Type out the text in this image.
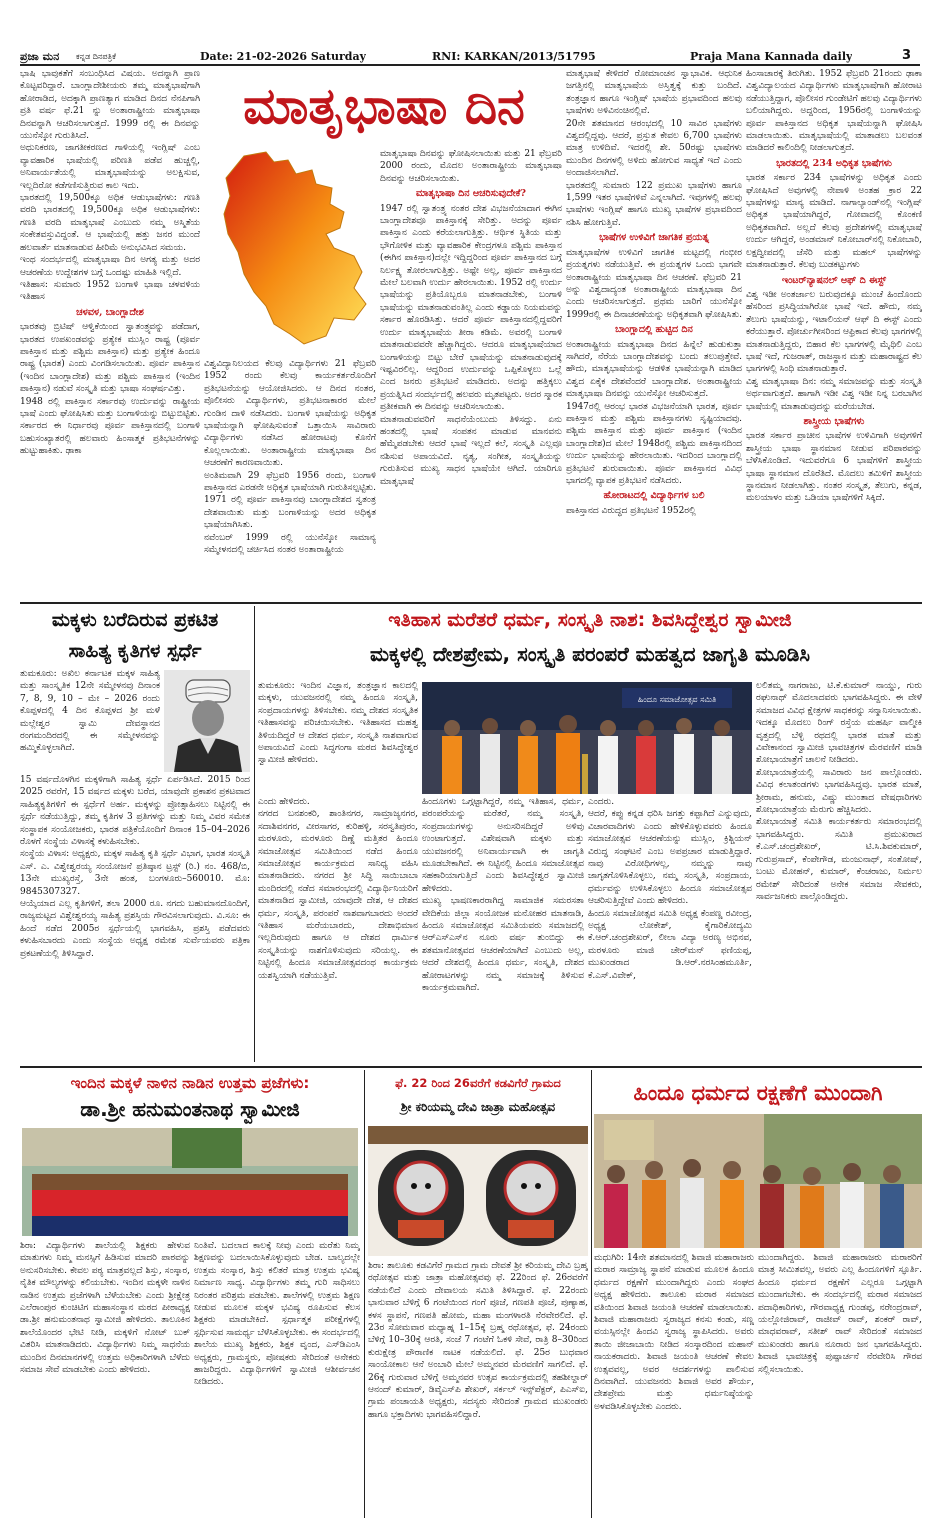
ಪ್ರಜಾ ಮನ ಕನ್ನಡ ದಿನಪತ್ರಿಕೆ	Date: 21-02-2026 Saturday	RNI: KARKAN/2013/51795	Praja Mana Kannada daily	3

ಭಾಷಿ ಭಾವುಕತೆಗೆ ಸಂಬಂಧಿಸಿದ ವಿಷಯ. ಅದನ್ನಾಗಿ ಪ್ರಾಣ ಕೊಟ್ಟವರಿದ್ದಾರೆ. ಬಾಂಗ್ಲಾದೇಶೀಯರು ತಮ್ಮ ಮಾತೃಭಾಷೆಗಾಗಿ ಹೋರಾಡಿದ, ಅದಕ್ಕಾಗಿ ಪ್ರಾಣತ್ಯಾಗ ಮಾಡಿದ ದಿನದ ನೆನಪಿಗಾಗಿ ಪ್ರತಿ ವರ್ಷ ಫೆ.21 ನ್ನು ಅಂತಾರಾಷ್ಟ್ರೀಯ ಮಾತೃಭಾಷಾ ದಿನವನ್ನಾಗಿ ಆಚರಿಸಲಾಗುತ್ತದೆ. 1999 ರಲ್ಲಿ ಈ ದಿನವನ್ನು ಯುನೆಸ್ಕೋ ಗುರುತಿಸಿದೆ.
ಅಧುನಿಕರಣ, ಜಾಗತೀಕರಣದ ಗಾಳಿಯಲ್ಲಿ ಇಂಗ್ಲಿಷ್ ಎಂಬ ವ್ಯಾವಹಾರಿಕ ಭಾಷೆಯಲ್ಲಿ ಪರಿಣತಿ ಪಡೆವ ಹುಚ್ಚಲ್ಲಿ, ಅನಿವಾರ್ಯತೆಯಲ್ಲಿ ಮಾತೃಭಾಷೆಯನ್ನು ಅಲಕ್ಷಿಸುವ, ಇಲ್ಲದಿರೋ ಕಡೆಗಣಿಸುತ್ತಿರುವ ಕಾಲ ಇದು.
ಭಾರತದಲ್ಲಿ 19,500ಕ್ಕೂ ಅಧಿಕ ಆಡುಭಾಷೆಗಳು: ಗಣತಿ ವರದಿ ಭಾರತದಲ್ಲಿ 19,500ಕ್ಕೂ ಅಧಿಕ ಆಡುಭಾಷೆಗಳು: ಗಣತಿ ವರದಿ ಮಾತೃಭಾಷೆ ಎಂಬುದು ನಮ್ಮ ಅಸ್ಮಿತೆಯ ಸಂಕೇತವಸ್ತುವಿದ್ದಂತೆ. ಆ ಭಾಷೆಯಲ್ಲಿ ಹತ್ತು ಜನರ ಮುಂದೆ ಹಲವಾರ್ತೆ ಮಾತನಾಡುವ ಹೀರಿಮೆ ಅನುಭವಿಸಿದ ಸಮಯ.
ಇಂಥ ಸಂದರ್ಭದಲ್ಲಿ ಮಾತೃಭಾಷಾ ದಿನ ಅಗತ್ಯ ಮತ್ತು ಅದರ ಆಚರಣೆಯ ಉದ್ದೇಶಗಳ ಬಗ್ಗೆ ಒಂದಷ್ಟು ಮಾಹಿತಿ ಇಲ್ಲಿದೆ.
ಇತಿಹಾಸ: ಸುಮಾರು 1952 ಬಂಗಾಳಿ ಭಾಷಾ ಚಳವಳಿಯ ಇತಿಹಾಸ

ಚಳವಳ, ಬಾಂಗ್ಲಾದೇಶ

ಭಾರತವು ಬ್ರಿಟಿಷ್ ಆಳ್ವಿಕೆಯಿಂದ ಸ್ವಾತಂತ್ರ್ಯವನ್ನು ಪಡೆದಾಗ, ಭಾರತದ ಉಪಖಂಡವನ್ನು ಪ್ರತ್ಯೇಕ ಮುಸ್ಲಿಂ ರಾಷ್ಟ್ರ (ಪೂರ್ವ ಪಾಕಿಸ್ತಾನ ಮತ್ತು ಪಶ್ಚಿಮ ಪಾಕಿಸ್ತಾನ) ಮತ್ತು ಪ್ರತ್ಯೇಕ ಹಿಂದೂ ರಾಷ್ಟ್ರ (ಭಾರತ) ಎಂದು ವಿಂಗಡಿಸಲಾಯಿತು. ಪೂರ್ವ ಪಾಕಿಸ್ತಾನ (ಇಂದಿನ ಬಾಂಗ್ಲಾದೇಶ) ಮತ್ತು ಪಶ್ಚಿಮ ಪಾಕಿಸ್ತಾನ (ಇಂದಿನ ಪಾಕಿಸ್ತಾನ) ನಡುವೆ ಸಂಸ್ಕೃತಿ ಮತ್ತು ಭಾಷಾ ಸಂಘರ್ಷವಿತ್ತು.
1948 ರಲ್ಲಿ ಪಾಕಿಸ್ತಾನ ಸರ್ಕಾರವು ಉರ್ದುವನ್ನು ರಾಷ್ಟ್ರೀಯ ಭಾಷೆ ಎಂದು ಘೋಷಿಸಿತು ಮತ್ತು ಬಂಗಾಳಿಯನ್ನು ಬಿಟ್ಟುಬಿಟ್ಟಿತು. ಸರ್ಕಾರದ ಈ ನಿರ್ಧಾರವು ಪೂರ್ವ ಪಾಕಿಸ್ತಾನದಲ್ಲಿ ಬಂಗಾಳಿ ಬಹುಸಂಖ್ಯಾತರಲ್ಲಿ ಹಲವಾರು ಹಿಂಸಾತ್ಮಕ ಪ್ರತಿಭಟನೆಗಳನ್ನು ಹುಟ್ಟುಹಾಕಿತು. ಢಾಕಾ

ಮಾತೃಭಾಷಾ ದಿನ

ವಿಶ್ವವಿದ್ಯಾನಿಲಯದ ಕೆಲವು ವಿದ್ಯಾರ್ಥಿಗಳು 21 ಫೆಬ್ರವರಿ 1952 ರಂದು ಕೆಲವು ಕಾರ್ಯಕರ್ತರೊಂದಿಗೆ ಪ್ರತಿಭಟನೆಯನ್ನು ಆಯೋಜಿಸಿದರು. ಆ ದಿನದ ನಂತರ, ಪೊಲೀಸರು ವಿದ್ಯಾರ್ಥಿಗಳು, ಪ್ರತಿಭಟನಾಕಾರರ ಮೇಲೆ ಗುಂಡಿನ ದಾಳಿ ನಡೆಸಿದರು. ಬಂಗಾಳಿ ಭಾಷೆಯನ್ನು ಅಧಿಕೃತ ಭಾಷೆಯನ್ನಾಗಿ ಘೋಷಿಸುವಂತೆ ಒತ್ತಾಯಿಸಿ ಸಾವಿರಾರು ವಿದ್ಯಾರ್ಥಿಗಳು ನಡೆಸಿದ ಹೋರಾಟವು ಕೊನೆಗೆ ಕೊಲ್ಲಲಾಯಿತು. ಅಂತಾರಾಷ್ಟ್ರೀಯ ಮಾತೃಭಾಷಾ ದಿನ ಆಚರಣೆಗೆ ಕಾರಣವಾಯಿತು.
ಅಂತಿಮವಾಗಿ 29 ಫೆಬ್ರವರಿ 1956 ರಂದು, ಬಂಗಾಳಿ ಪಾಕಿಸ್ತಾನದ ಎರಡನೇ ಅಧಿಕೃತ ಭಾಷೆಯಾಗಿ ಗುರುತಿಸಲ್ಪಟ್ಟಿತು. 1971 ರಲ್ಲಿ ಪೂರ್ವ ಪಾಕಿಸ್ತಾನವು ಬಾಂಗ್ಲಾದೇಶದ ಸ್ವತಂತ್ರ ದೇಶವಾಯಿತು ಮತ್ತು ಬಂಗಾಳಿಯನ್ನು ಅದರ ಅಧಿಕೃತ ಭಾಷೆಯಾಗಿಸಿತು.
ನವೆಂಬರ್ 1999 ರಲ್ಲಿ ಯುನೆಸ್ಕೋ ಸಾಮಾನ್ಯ ಸಮ್ಮೇಳನದಲ್ಲಿ ಚರ್ಚಿಸಿದ ನಂತರ ಅಂತಾರಾಷ್ಟ್ರೀಯ

ಮಾತೃಭಾಷಾ ದಿನವನ್ನು ಘೋಷಿಸಲಾಯಿತು ಮತ್ತು 21 ಫೆಬ್ರವರಿ 2000 ರಂದು, ಮೊದಲ ಅಂತಾರಾಷ್ಟ್ರೀಯ ಮಾತೃಭಾಷಾ ದಿನವನ್ನು ಆಚರಿಸಲಾಯಿತು.

ಮಾತೃಭಾಷಾ ದಿನ ಆಚರಿಸುವುದೇಕೆ?

1947 ರಲ್ಲಿ ಸ್ವಾತಂತ್ರ್ಯ ನಂತರ ದೇಶ ವಿಭಜನೆಯಾದಾಗ ಈಗಿನ ಬಾಂಗ್ಲಾದೇಶವೂ ಪಾಕಿಸ್ತಾನಕ್ಕೆ ಸೇರಿತ್ತು. ಅದನ್ನು ಪೂರ್ವ ಪಾಕಿಸ್ತಾನ ಎಂದು ಕರೆಯಲಾಗುತ್ತಿತ್ತು. ಆರ್ಥಿಕ ಸ್ಥಿತಿಯ ಮತ್ತು ಭೌಗೋಳಿಕ ಮತ್ತು ವ್ಯಾವಹಾರಿಕ ಕೇಂದ್ರಗಳೂ ಪಶ್ಚಿಮ ಪಾಕಿಸ್ತಾನ (ಈಗಿನ ಪಾಕಿಸ್ತಾನ)ದಲ್ಲೇ ಇದ್ದಿದ್ದರಿಂದ ಪೂರ್ವ ಪಾಕಿಸ್ತಾನದ ಬಗ್ಗೆ ನಿರ್ಲಕ್ಷ್ಯ ತೋರಲಾಗುತ್ತಿತ್ತು. ಅಷ್ಟೇ ಅಲ್ಲ, ಪೂರ್ವ ಪಾಕಿಸ್ತಾನದ ಮೇಲೆ ಬಲವಾಗಿ ಉರ್ದು ಹೇರಲಾಯಿತು. 1952 ರಲ್ಲಿ ಉರ್ದು ಭಾಷೆಯನ್ನು ಪ್ರತಿಯೊಬ್ಬರೂ ಮಾತನಾಡಬೇಕು, ಬಂಗಾಳಿ ಭಾಷೆಯನ್ನು ಮಾತನಾಡುವಂತಿಲ್ಲ ಎಂದು ಕಡ್ಡಾಯ ನಿಯಮವನ್ನು ಸರ್ಕಾರ ಹೊರಡಿಸಿತ್ತು. ಆದರೆ ಪೂರ್ವ ಪಾಕಿಸ್ತಾನದಲ್ಲಿದ್ದವರಿಗೆ ಉರ್ದು ಮಾತೃಭಾಷೆಯ ತೀರಾ ಕಡಿಮೆ. ಅವರಲ್ಲಿ ಬಂಗಾಳಿ ಮಾತನಾಡುವವರೇ ಹೆಚ್ಚಾಗಿದ್ದರು. ಆದರೂ ಮಾತೃಭಾಷೆಯಾದ ಬಂಗಾಳಿಯನ್ನು ಬಿಟ್ಟು ಬೇರೆ ಭಾಷೆಯನ್ನು ಮಾತನಾಡುವುದಕ್ಕೆ ಇಷ್ಟವಿರಲಿಲ್ಲ. ಆದ್ದರಿಂದ ಉರ್ದುವನ್ನು ಒಪ್ಪಿಕೊಳ್ಳಲು ಒಲ್ಲೆ ಎಂದ ಜನರು ಪ್ರತಿಭಟನೆ ಮಾಡಿದರು. ಅದನ್ನು ಹತ್ತಿಕ್ಕಲು ಪ್ರಯತ್ನಿಸಿದ ಸಂದರ್ಭದಲ್ಲಿ ಹಲವರು ಮೃತಪಟ್ಟರು. ಅದರ ಸ್ಮಾರಕ ಪ್ರತೀಕವಾಗಿ ಈ ದಿನವನ್ನು ಆಚರಿಸಲಾಯಿತು.
ಮಾತನಾಡುವವರಿಗೆ ಸಾಧನೆಯೆಂಬುದು ತಿಳಿಸದ್ದು. ಏನು ಹಂತದಲ್ಲಿ ಭಾಷೆ ಸಂಪತನ ಮಾಡುವ ಮಾನವನು ಹೆಮ್ಮೆಪಡಬೇಕು ಆದರೆ ಭಾಷೆ ಇಲ್ಲದೆ ಕಲೆ, ಸಂಸ್ಕೃತಿ ಎಲ್ಲವೂ ನಶಿಸುವ ಅಪಾಯವಿದೆ. ನೃತ್ಯ, ಸಂಗೀತ, ಸಂಸ್ಕೃತಿಯನ್ನು ಗುರುತಿಸುವ ಮುಖ್ಯ ಸಾಧನ ಭಾಷೆಯೇ ಆಗಿದೆ. ಯಾರಿಗೂ ಮಾತೃಭಾಷೆ

ಮಾತೃಭಾಷೆ ಕೇಳಿದರೆ ರೋಮಾಂಚನ ಸ್ವಾಭಾವಿಕ. ಆಧುನಿಕ ಜಗತ್ತಿನಲ್ಲಿ ಮಾತೃಭಾಷೆಯ ಅಸ್ತಿತ್ವಕ್ಕೆ ಕುತ್ತು ಬಂದಿದೆ. ತಂತ್ರಜ್ಞಾನ ಹಾಗೂ ಇಂಗ್ಲಿಷ್ ಭಾಷೆಯ ಪ್ರಭಾವದಿಂದ ಹಲವು ಭಾಷೆಗಳು ಅಳಿವಿನಂಚಿನಲ್ಲಿವೆ.
20ನೇ ಶತಮಾನದ ಆರಂಭದಲ್ಲಿ 10 ಸಾವಿರ ಭಾಷೆಗಳು ವಿಶ್ವದಲ್ಲಿದ್ದವು. ಆದರೆ, ಪ್ರಸ್ತುತ ಕೇವಲ 6,700 ಭಾಷೆಗಳು ಮಾತ್ರ ಉಳಿದಿವೆ. ಇದರಲ್ಲಿ ಶೇ. 50ರಷ್ಟು ಭಾಷೆಗಳು ಮುಂದಿನ ದಿನಗಳಲ್ಲಿ ಅಳಿದು ಹೋಗುವ ಸಾಧ್ಯತೆ ಇದೆ ಎಂದು ಅಂದಾಜಿಸಲಾಗಿದೆ.
ಭಾರತದಲ್ಲಿ ಸುಮಾರು 122 ಪ್ರಮುಖ ಭಾಷೆಗಳು ಹಾಗೂ 1,599 ಇತರ ಭಾಷೆಗಳಿವೆ ಎನ್ನಲಾಗಿದೆ. ಇವುಗಳಲ್ಲಿ ಹಲವು ಭಾಷೆಗಳು ಇಂಗ್ಲಿಷ್ ಹಾಗೂ ಮುಖ್ಯ ಭಾಷೆಗಳ ಪ್ರಭಾವದಿಂದ ನಶಿಸಿ ಹೋಗುತ್ತಿವೆ.

ಭಾಷೆಗಳ ಉಳಿವಿಗೆ ಜಾಗತಿಕ ಪ್ರಯತ್ನ

ಮಾತೃಭಾಷೆಗಳ ಉಳಿವಿಗೆ ಜಾಗತಿಕ ಮಟ್ಟದಲ್ಲಿ ಗಂಭೀರ ಪ್ರಯತ್ನಗಳು ನಡೆಯುತ್ತಿವೆ. ಈ ಪ್ರಯತ್ನಗಳ ಒಂದು ಭಾಗವೇ ಅಂತಾರಾಷ್ಟ್ರೀಯ ಮಾತೃಭಾಷಾ ದಿನ ಆಚರಣೆ. ಫೆಬ್ರವರಿ 21 ಅನ್ನು ವಿಶ್ವದಾದ್ಯಂತ ಅಂತಾರಾಷ್ಟ್ರೀಯ ಮಾತೃಭಾಷಾ ದಿನ ಎಂದು ಆಚರಿಸಲಾಗುತ್ತದೆ. ಪ್ರಥಮ ಬಾರಿಗೆ ಯುನೆಸ್ಕೋ 1999ರಲ್ಲಿ ಈ ದಿನಾಚರಣೆಯನ್ನು ಅಧಿಕೃತವಾಗಿ ಘೋಷಿಸಿತು.

ಬಾಂಗ್ಲಾದಲ್ಲಿ ಹುಟ್ಟಿದ ದಿನ

ಅಂತಾರಾಷ್ಟ್ರೀಯ ಮಾತೃಭಾಷಾ ದಿನದ ಹಿನ್ನೆಲೆ ಹುಡುಕುತ್ತಾ ಸಾಗಿದರೆ, ನೆರೆಯ ಬಾಂಗ್ಲಾದೇಶವನ್ನು ಬಂದು ತಲುಪುತ್ತೇವೆ. ಹೌದು, ಮಾತೃಭಾಷೆಯನ್ನು ಆಡಳಿತ ಭಾಷೆಯನ್ನಾಗಿ ಮಾಡಿದ ವಿಶ್ವದ ಏಕೈಕ ದೇಶವೆಂದರೆ ಬಾಂಗ್ಲಾದೇಶ. ಅಂತಾರಾಷ್ಟ್ರೀಯ ಮಾತೃಭಾಷಾ ದಿನವನ್ನು ಯುನೆಸ್ಕೋ ಆಚರಿಸುತ್ತದೆ.
1947ರಲ್ಲಿ ಆರಂಭ ಭಾರತ ವಿಭಜನೆಯಾಗಿ ಭಾರತ, ಪೂರ್ವ ಪಾಕಿಸ್ತಾನ ಮತ್ತು ಪಶ್ಚಿಮ ಪಾಕಿಸ್ತಾನಗಳು ಸೃಷ್ಟಿಯಾದವು. ಪಶ್ಚಿಮ ಪಾಕಿಸ್ತಾನ ಮತ್ತು ಪೂರ್ವ ಪಾಕಿಸ್ತಾನ (ಇಂದಿನ ಬಾಂಗ್ಲಾದೇಶ)ದ ಮೇಲೆ 1948ರಲ್ಲಿ ಪಶ್ಚಿಮ ಪಾಕಿಸ್ತಾನದಿಂದ ಉರ್ದು ಭಾಷೆಯನ್ನು ಹೇರಲಾಯಿತು. ಇದರಿಂದ ಬಾಂಗ್ಲಾದಲ್ಲಿ ಪ್ರತಿಭಟನೆ ಶುರುವಾಯಿತು. ಪೂರ್ವ ಪಾಕಿಸ್ತಾನದ ವಿವಿಧ ಭಾಗದಲ್ಲಿ ವ್ಯಾಪಕ ಪ್ರತಿಭಟನೆ ನಡೆಸಿದರು.

ಹೋರಾಟದಲ್ಲಿ ವಿದ್ಯಾರ್ಥಿಗಳ ಬಲಿ

ಪಾಕಿಸ್ತಾನದ ವಿರುದ್ಧದ ಪ್ರತಿಭಟನೆ 1952ರಲ್ಲಿ

ಹಿಂಸಾಚಾರಕ್ಕೆ ತಿರುಗಿತು. 1952 ಫೆಬ್ರವರಿ 21ರಂದು ಢಾಕಾ ವಿಶ್ವವಿದ್ಯಾಲಯದ ವಿದ್ಯಾರ್ಥಿಗಳು ಮಾತೃಭಾಷೆಗಾಗಿ ಹೋರಾಟ ನಡೆಯುತ್ತಿದ್ದಾಗ, ಪೊಲೀಸರ ಗುಂಡೇಟಿಗೆ ಹಲವು ವಿದ್ಯಾರ್ಥಿಗಳು ಬಲಿಯಾಗಿದ್ದರು. ಅದ್ದರಿಂದ, 1956ರಲ್ಲಿ ಬಂಗಾಳಿಯನ್ನು ಪೂರ್ವ ಪಾಕಿಸ್ತಾನದ ಅಧಿಕೃತ ಭಾಷೆಯನ್ನಾಗಿ ಘೋಷಿಸಿ ಮಾಡಲಾಯಿತು. ಮಾತೃಭಾಷೆಯಲ್ಲಿ ಮಾತಾಡಲು ಬಲವಂತ ಮಾಡಿದರೆ ಕಾಲಿಂದಿಲ್ಲಿ ನೀಡಲಾಗುತ್ತದೆ.

ಭಾರತದಲ್ಲಿ 234 ಅಧಿಕೃತ ಭಾಷೆಗಳು

ಭಾರತ ಸರ್ಕಾರ 234 ಭಾಷೆಗಳನ್ನು ಅಧಿಕೃತ ಎಂದು ಘೋಷಿಸಿದೆ ಅವುಗಳಲ್ಲಿ ನೇಪಾಳಿ ಅಂತಹ ಕ್ರಾರ 22 ಭಾಷೆಗಳನ್ನು ಮಾನ್ಯ ಮಾಡಿದೆ. ನಾಗಾಲ್ಯಾಂಡ್‌ನಲ್ಲಿ ಇಂಗ್ಲಿಷ್ ಅಧಿಕೃತ ಭಾಷೆಯಾಗಿದ್ದರೆ, ಗೋವಾದಲ್ಲಿ ಕೊಂಕಣಿ ಅಧಿಕೃತವಾಗಿದೆ. ಅಲ್ಲದೆ ಕೆಲವು ಪ್ರದೇಶಗಳಲ್ಲಿ ಮಾತೃಭಾಷೆ ಉರ್ದು ಆಗಿದ್ದರೆ, ಅಂಡಮಾನ್ ನಿಕೋಬಾರ್‌ನಲ್ಲಿ ನಿಕೋಬಾರಿ, ಲಕ್ಷದ್ವೀಪದಲ್ಲಿ ಜೆಸೆರಿ ಮತ್ತು ಮಹಲ್ ಭಾಷೆಗಳನ್ನು ಮಾತನಾಡುತ್ತಾರೆ. ಕೆಲವು ಬುಡಕಟ್ಟುಗಳು

ಇಂಟರ್‌ನ್ಯಾಷನಲ್ ಆಫ್ ದಿ ಈಸ್ಟ್

ವಿಶ್ವ ಇಡೀ ಅಂತರ್ಜಾಲ ಬರುವುದಕ್ಕೂ ಮುಂಚೆ ಹಿಂದೊಂದು ಹೆಸರಿಂದ ಪ್ರಸಿದ್ಧಿಯಾಗಿರೋ ಭಾಷೆ ಇದೆ. ಹೌದು, ನಮ್ಮ ತೆಲುಗು ಭಾಷೆಯನ್ನು, ಇಟಾಲಿಯನ್ ಆಫ್ ದಿ ಈಸ್ಟ್ ಎಂದು ಕರೆಯುತ್ತಾರೆ. ಪೋರ್ಚುಗೀಸರಿಂದ ಆಫ್ರಿಕಾದ ಕೆಲವು ಭಾಗಗಳಲ್ಲಿ ಮಾತನಾಡುತ್ತಿದ್ದರು, ಬಿಹಾರ ಕೆಲ ಭಾಗಗಳಲ್ಲಿ ಮೈಥಿಲಿ ಎಂಬ ಭಾಷೆ ಇದೆ, ಗುಜರಾತ್, ರಾಜಸ್ಥಾನ ಮತ್ತು ಮಹಾರಾಷ್ಟ್ರದ ಕೆಲ ಭಾಗಗಳಲ್ಲಿ ಸಿಂಧಿ ಮಾತನಾಡುತ್ತಾರೆ.
ವಿಶ್ವ ಮಾತೃಭಾಷಾ ದಿನ: ನಮ್ಮ ಸಮಾಜವನ್ನು ಮತ್ತು ಸಂಸ್ಕೃತಿ ಅರ್ಥವಾಗುತ್ತದೆ. ಹಾಗಾಗಿ ಇಡೀ ವಿಶ್ವ ಇಡೀ ನಿನ್ನ ಬರಬಾಗಿನ ಭಾಷೆಯಲ್ಲಿ ಮಾತಾಡುವುದನ್ನು ಮರೆಯಬೇಡ.

ಶಾಸ್ತ್ರೀಯ ಭಾಷೆಗಳು

ಭಾರತ ಸರ್ಕಾರ ಪ್ರಾಚೀನ ಭಾಷೆಗಳ ಉಳಿವಿಗಾಗಿ ಅವುಗಳಿಗೆ ಶಾಸ್ತ್ರೀಯ ಭಾಷಾ ಸ್ಥಾನಮಾನ ನೀಡುವ ಪರಿಪಾಠವನ್ನು ಬೆಳೆಸಿಕೊಂಡಿದೆ. ಇದುವರೆಗೂ 6 ಭಾಷೆಗಳಿಗೆ ಶಾಸ್ತ್ರೀಯ ಭಾಷಾ ಸ್ಥಾನಮಾನ ದೊರೆತಿದೆ. ಮೊದಲು ತಮಿಳಿಗೆ ಶಾಸ್ತ್ರೀಯ ಸ್ಥಾನಮಾನ ನೀಡಲಾಗಿತ್ತು. ನಂತರ ಸಂಸ್ಕೃತ, ತೆಲುಗು, ಕನ್ನಡ, ಮಲಯಾಳಂ ಮತ್ತು ಒಡಿಯಾ ಭಾಷೆಗಳಿಗೆ ಸಿಕ್ಕಿದೆ.

ಮಕ್ಕಳು ಬರೆದಿರುವ ಪ್ರಕಟಿತ
ಸಾಹಿತ್ಯ ಕೃತಿಗಳ ಸ್ಪರ್ಧೆ

ತುಮಕೂರು: ಅಖಿಲ ಕರ್ನಾಟಕ ಮಕ್ಕಳ ಸಾಹಿತ್ಯ ಮತ್ತು ಸಾಂಸ್ಕೃತಿಕ 12ನೇ ಸಮ್ಮೇಳನವು ದಿನಾಂಕ 7, 8, 9, 10 – ಮೇ – 2026 ರಂದು ಕೊಪ್ಪಳದಲ್ಲಿ 4 ದಿನ ಕೊಪ್ಪಳದ ಶ್ರೀ ಮಳೆ ಮಲ್ಲೇಶ್ವರ ಸ್ವಾಮಿ ದೇವಸ್ಥಾನದ ರಂಗಮಂದಿರದಲ್ಲಿ ಈ ಸಮ್ಮೇಳನವನ್ನು ಹಮ್ಮಿಕೊಳ್ಳಲಾಗಿದೆ.

15 ವರ್ಷದೊಳಗಿನ ಮಕ್ಕಳಿಗಾಗಿ ಸಾಹಿತ್ಯ ಸ್ಪರ್ಧೆ ಏರ್ಪಡಿಸಿದೆ. 2015 ರಿಂದ 2025 ರವರೆಗೆ, 15 ವರ್ಷದ ಮಕ್ಕಳು ಬರೆದ, ಯಾವುದೇ ಪ್ರಕಾಶನ ಪ್ರಕಟವಾದ ಸಾಹಿತ್ಯಕೃತಿಗಳಿಗೆ ಈ ಸ್ಪರ್ಧೆಗೆ ಅರ್ಹ. ಮಕ್ಕಳನ್ನು ಪ್ರೋತ್ಸಾಹಿಸಲು ನಿಟ್ಟಿನಲ್ಲಿ ಈ ಸ್ಪರ್ಧೆ ನಡೆಯುತ್ತಿದ್ದು, ತಮ್ಮ ಕೃತಿಗಳ 3 ಪ್ರತಿಗಳನ್ನು ಮತ್ತು ನಿಮ್ಮ ವಿವರ ಸಮೇತ ಸಂಸ್ಥಾಪಕ ಸಂಯೋಜಕರು, ಭಾರತ ಪತ್ರಿಕೆಯೊಂದಿಗೆ ದಿನಾಂಕ 15–04–2026 ರೊಳಗೆ ಸಂಸ್ಥೆಯ ವಿಳಾಸಕ್ಕೆ ಕಳುಹಿಸಬೇಕು.
ಸಂಸ್ಥೆಯ ವಿಳಾಸ: ಅಧ್ಯಕ್ಷರು, ಮಕ್ಕಳ ಸಾಹಿತ್ಯ ಕೃತಿ ಸ್ಪರ್ಧೆ ವಿಭಾಗ, ಭಾರತ ಸಂಸ್ಕೃತಿ ಎಸ್. ಎ. ವಿಶ್ವೇಶ್ವರಯ್ಯ ಸಂಯೋಜನೆ ಪ್ರತಿಷ್ಠಾನ ಟ್ರಸ್ಟ್ (ರಿ.) ನಂ. 468/ಬಿ, 13ನೇ ಮುಖ್ಯರಸ್ತೆ, 3ನೇ ಹಂತ, ಬಂಗಳೂರು–560010. ಮೊ: 9845307327.
ಆಯ್ಕೆಯಾದ ಎಲ್ಲ ಕೃತಿಗಳಿಗೆ, ತಲಾ 2000 ರೂ. ನಗದು ಬಹುಮಾನದೊಂದಿಗೆ, ರಾಜ್ಯಮಟ್ಟದ ವಿಶ್ವೇಶ್ವರಯ್ಯ ಸಾಹಿತ್ಯ ಪ್ರಶಸ್ತಿಯ ಗೌರವಿಸಲಾಗುವುದು. ವಿ.ಸೂ: ಈ ಹಿಂದೆ ನಡೆದ 2005ರ ಸ್ಪರ್ಧೆಯಲ್ಲಿ ಭಾಗವಹಿಸಿ, ಪ್ರಶಸ್ತಿ ಪಡೆದವರು ಕಳುಹಿಸಬಾರದು ಎಂದು ಸಂಸ್ಥೆಯ ಅಧ್ಯಕ್ಷ ರಮೇಶ ಸುರ್ವೆಯವರು ಪತ್ರಿಕಾ ಪ್ರಕಟಣೆಯಲ್ಲಿ ತಿಳಿಸಿದ್ದಾರೆ.

ಇತಿಹಾಸ ಮರೆತರೆ ಧರ್ಮ, ಸಂಸ್ಕೃತಿ ನಾಶ: ಶಿವಸಿದ್ಧೇಶ್ವರ ಸ್ವಾಮೀಜಿ
ಮಕ್ಕಳಲ್ಲಿ ದೇಶಪ್ರೇಮ, ಸಂಸ್ಕೃತಿ ಪರಂಪರೆ ಮಹತ್ವದ ಜಾಗೃತಿ ಮೂಡಿಸಿ

ತುಮಕೂರು: ಇಂದಿನ ವಿಜ್ಞಾನ, ತಂತ್ರಜ್ಞಾನ ಕಾಲದಲ್ಲಿ ಮಕ್ಕಳು, ಯುವಜನರಲ್ಲಿ ನಮ್ಮ ಹಿಂದೂ ಸಂಸ್ಕೃತಿ, ಸಂಪ್ರದಾಯಗಳನ್ನು ತಿಳಿಸಬೇಕು. ನಮ್ಮ ದೇಶದ ಸಂಸ್ಕೃತಿಕ ಇತಿಹಾಸವನ್ನು ಪರಿಚಯಿಸಬೇಕು. ಇತಿಹಾಸದ ಮಹತ್ವ ತಿಳಿಯದಿದ್ದರೆ ಆ ದೇಶದ ಧರ್ಮ, ಸಂಸ್ಕೃತಿ ನಾಶವಾಗುವ ಅಪಾಯವಿದೆ ಎಂದು ಸಿದ್ಧಗಂಗಾ ಮಠದ ಶಿವಸಿದ್ಧೇಶ್ವರ ಸ್ವಾಮೀಜಿ ಹೇಳಿದರು.

ಹಿಂದೂ ಸಮಾಜೋತ್ಸವ ಸಮಿತಿ

ಲಲಿತಮ್ಮ ನಾಗರಾಜು, ಟಿ.ಕೆ.ಕುಮಾರ್ ನಾಯ್ಡು, ಗುರು ರಘುನಾಥ್ ಮೊದಲಾದವರು ಭಾಗವಹಿಸಿದ್ದರು. ಈ ವೇಳೆ ಸಮಾಜದ ವಿವಿಧ ಕ್ಷೇತ್ರಗಳ ಸಾಧಕರನ್ನು ಸನ್ಮಾನಿಸಲಾಯಿತು.
ಇದಕ್ಕೂ ಮೊದಲು ರಿಂಗ್ ರಸ್ತೆಯ ಮಹರ್ಷಿ ವಾಲ್ಮೀಕಿ ವೃತ್ತದಲ್ಲಿ ಬೆಳ್ಳಿ ರಥದಲ್ಲಿ ಭಾರತ ಮಾತೆ ಮತ್ತು ವಿವೇಕಾನಂದ ಸ್ವಾಮೀಜಿ ಭಾವಚಿತ್ರಗಳ ಮೆರವಣಿಗೆ ಮಾಡಿ ಶೋಭಾಯಾತ್ರೆಗೆ ಚಾಲನೆ ನೀಡಿದರು.
ಶೋಭಾಯಾತ್ರೆಯಲ್ಲಿ ಸಾವಿರಾರು ಜನ ಪಾಲ್ಗೊಂಡರು. ವಿವಿಧ ಕಲಾತಂಡಗಳು ಭಾಗವಹಿಸಿದ್ದವು. ಭಾರತ ಮಾತೆ, ಶ್ರೀರಾಮ, ಹನುಮ, ವಿಷ್ಣು ಮುಂತಾದ ವೇಷಧಾರಿಗಳು ಶೋಭಾಯಾತ್ರೆಯ ಮೆರುಗು ಹೆಚ್ಚಿಸಿದರು.
ಶೋಭಾಯಾತ್ರೆ ಸಮಿತಿ ಕಾರ್ಯಕರ್ತರು ಸಮಾರಂಭದಲ್ಲಿ ಭಾಗವಹಿಸಿದ್ದರು. ಸಮಿತಿ ಪ್ರಮುಖರಾದ ಕೆ.ಎಸ್.ಚಂದ್ರಶೇಖರ್, ಟಿ.ಸಿ.ಶಿವಕುಮಾರ್, ಗುರುಪ್ರಸಾದ್, ಕೆಂಪೇಗೌಡ, ಮಂಜುನಾಥ್, ಸಂತೋಷ್, ಬಂಟು ಮೋಹನ್, ಕುಮಾರ್, ಕೆಂಚರಾಜು, ನಿರ್ಮಲ ರಮೇಶ್ ಸೇರಿದಂತೆ ಅನೇಕ ಸಮಾಜ ಸೇವಕರು, ಸಾರ್ವಜನಿಕರು ಪಾಲ್ಗೊಂಡಿದ್ದರು.

ಎಂದು ಹೇಳಿದರು.

ನಗರದ ಬನಶಂಕರಿ, ಶಾಂತಿನಗರ, ಸಾಮ್ರಾಜ್ಯನಗರ, ಸದಾಶಿವನಗರ, ವೀರಸಾಗರ, ಕುರಿಹಳ್ಳಿ, ಸರಸ್ವತಿಪುರಂ, ಮರಳೂರು, ಮರಳೂರು ದಿಣ್ಣೆ ಮತ್ತಿತರ ಹಿಂದೂ ಸಮಾಜೋತ್ಸವ ಸಮಿತಿಯಿಂದ ನಡೆದ ಹಿಂದೂ ಸಮಾಜೋತ್ಸವ ಕಾರ್ಯಕ್ರಮದ ಸಾನಿಧ್ಯ ವಹಿಸಿ ಮಾತನಾಡಿದರು. ನಗರದ ಶ್ರೀ ಸಿದ್ಧಿ ಸಾಯಿಬಾಬಾ ಮಂದಿರದಲ್ಲಿ ನಡೆದ ಸಮಾರಂಭದಲ್ಲಿ ವಿದ್ಯಾರ್ಥಿನಿಯರಿಗೆ ಮಾತನಾಡಿದ ಸ್ವಾಮೀಜಿ, ಯಾವುದೇ ದೇಶ, ಆ ದೇಶದ ಧರ್ಮ, ಸಂಸ್ಕೃತಿ, ಪರಂಪರೆ ನಾಶವಾಗಬಾರದು ಅಂದರೆ ಇತಿಹಾಸ ಮರೆಯಬಾರದು, ದೇಶಾಭಿಮಾನ ಇಲ್ಲದಿರುವುದು ಹಾಗೂ ಆ ದೇಶದ ಧಾರ್ಮಿಕ ಸಂಸ್ಕೃತಿಯನ್ನು ನಾಶಗೊಳಿಸುವುದು ಸರಿಯಲ್ಲ. ಈ ನಿಟ್ಟಿನಲ್ಲಿ ಹಿಂದೂ ಸಮಾಜೋತ್ಸವದಂಥ ಕಾರ್ಯಕ್ರಮ ಯಶಸ್ವಿಯಾಗಿ ನಡೆಯುತ್ತಿವೆ.

ಹಿಂದೂಗಳು ಒಗ್ಗಟ್ಟಾಗಿದ್ದರೆ, ನಮ್ಮ ಇತಿಹಾಸ, ಧರ್ಮ, ಪರಂಪರೆಯನ್ನು ಮರೆತರೆ, ನಮ್ಮ ಸಂಸ್ಕೃತಿ, ಸಂಪ್ರದಾಯಗಳನ್ನು ಅನುಸರಿಸದಿದ್ದರೆ ಅಳಿವು ಉಂಟಾಗುತ್ತದೆ. ವಿಶೇಷವಾಗಿ ಮಕ್ಕಳು ಮತ್ತು ಯುವಜನರಲ್ಲಿ ಅನಿವಾರ್ಯವಾಗಿ ಈ ಜಾಗೃತಿ ಮೂಡಬೇಕಾಗಿದೆ. ಈ ನಿಟ್ಟಿನಲ್ಲಿ ಹಿಂದೂ ಸಮಾಜೋತ್ಸವ ಸಹಕಾರಿಯಾಗುತ್ತಿದೆ ಎಂದು ಶಿವಸಿದ್ಧೇಶ್ವರ ಸ್ವಾಮೀಜಿ ಹೇಳಿದರು.
ಮುಖ್ಯ ಭಾಷಣಕಾರರಾಗಿದ್ದ ಸಾಮಾಜಿಕ ಸಮರಸತಾ ವೇದಿಕೆಯ ಜಿಲ್ಲಾ ಸಂಯೋಜಕ ಮನೋಹರ ಮಾತನಾಡಿ, ಹಿಂದೂ ಸಮಾಜೋತ್ಸವ ಸಮಿತಿಯವರು ಸಮಾಜದಲ್ಲಿ ಆರ್‌ಎಸ್‌ಎಸ್‌ನ ನೂರು ವರ್ಷ ತುಂಬಿದ್ದು ಈ ಶತಮಾನೋತ್ಸವದ ಆಚರಣೆಯಾಗಿದೆ ಎಂಬುದು ಅಲ್ಲ, ಆದರೆ ದೇಶದಲ್ಲಿ ಹಿಂದೂ ಧರ್ಮ, ಸಂಸ್ಕೃತಿ, ದೇಶದ ಹೋರಾಟಗಳನ್ನು ನಮ್ಮ ಸಮಾಜಕ್ಕೆ ತಿಳಿಸುವ ಕಾರ್ಯಕ್ರಮವಾಗಿದೆ.

ಎಂದರು.
ಆದರೆ, ಕಪ್ಪು ಕನ್ನಡ ಧರಿಸಿ ಜಗತ್ತು ಕಪ್ಪಾಗಿದೆ ಎನ್ನುವುದು, ವಿಚಾರವಾದಿಗಳು ಎಂದು ಹೇಳಿಕೊಳ್ಳುವವರು ಹಿಂದೂ ಸಮಾಜೋತ್ಸವ ಆಚರಣೆಯನ್ನು ಮುಸ್ಲಿಂ, ಕ್ರಿಶ್ಚಿಯನ್ ವಿರುದ್ಧ ಸಂಘಟನೆ ಎಂಬ ಅಪಪ್ರಚಾರ ಮಾಡುತ್ತಿದ್ದಾರೆ. ನಾವು ವಿರೋಧಿಗಳಲ್ಲ, ನಮ್ಮನ್ನು ನಾವು ಜಾಗೃತಗೊಳಿಸಿಕೊಳ್ಳಲು, ನಮ್ಮ ಸಂಸ್ಕೃತಿ, ಸಂಪ್ರದಾಯ, ಧರ್ಮವನ್ನು ಉಳಿಸಿಕೊಳ್ಳಲು ಹಿಂದೂ ಸಮಾಜೋತ್ಸವ ಆಚರಿಸುತ್ತಿದ್ದೇವೆ ಎಂದು ಹೇಳಿದರು.
ಹಿಂದೂ ಸಮಾಜೋತ್ಸವ ಸಮಿತಿ ಅಧ್ಯಕ್ಷ ಕೆಂಪಣ್ಣ ರವೀಂದ್ರ, ಅಧ್ಯಕ್ಷ ಲೋಕೇಶ್, ಕೈಗಾರಿಕೋದ್ಯಮಿ ಕೆ.ಆರ್.ಚಂದ್ರಶೇಖರ್, ಲೀಲಾ ವಿದ್ಯಾ ಅರಣ್ಯ ಅಭಿನವ, ಮರಳೂರು ಮಾಜಿ ಚೇರ್‌ಮನ್ ಫಣಿಯಪ್ಪ, ಮುಖಂಡರಾದ ಡಿ.ಆರ್.ನರಸಿಂಹಮೂರ್ತಿ, ಕೆ.ಎಸ್.ವಿವೇಕ್,

ಇಂದಿನ ಮಕ್ಕಳೆ ನಾಳಿನ ನಾಡಿನ ಉತ್ತಮ ಪ್ರಜೆಗಳು:
ಡಾ.ಶ್ರೀ ಹನುಮಂತನಾಥ ಸ್ವಾಮೀಜಿ

ಶಿರಾ: ವಿದ್ಯಾರ್ಥಿಗಳು ಶಾಲೆಯಲ್ಲಿ ಶಿಕ್ಷಕರು ಹೇಳುವ ಮಾತುಗಳು ನಿಮ್ಮ ಮನಸ್ಸಿಗೆ ಹಿಡಿಸುವ ಮಾದರಿ ಪಾಠವನ್ನು ಅನುಸರಿಸಬೇಕು. ಕೇವಲ ಪಠ್ಯ ಮಾತ್ರವಲ್ಲದೆ ಶಿಸ್ತು, ಸಂಸ್ಕಾರ, ನೈತಿಕ ಮೌಲ್ಯಗಳನ್ನು ಕಲಿಯಬೇಕು. ಇಂದಿನ ಮಕ್ಕಳೇ ನಾಳಿನ ನಾಡಿನ ಉತ್ತಮ ಪ್ರಜೆಗಳಾಗಿ ಬೆಳೆಯಬೇಕು ಎಂದು ಶ್ರೀಕ್ಷೇತ್ರ ಎಲೆರಾಂಪುರ ಕುಂಚಿಟಿಗ ಮಹಾಸಂಸ್ಥಾನ ಮಠದ ಪೀಠಾಧ್ಯಕ್ಷ ಡಾ.ಶ್ರೀ ಹನುಮಂತನಾಥ ಸ್ವಾಮೀಜಿ ಹೇಳಿದರು. ತಾಲೂಕಿನ ಶಾಲೆಯೊಂದರ ಭೇಟಿ ನೀಡಿ, ಮಕ್ಕಳಿಗೆ ನೋಟ್ ಬುಕ್ ವಿತರಿಸಿ ಮಾತನಾಡಿದರು. ವಿದ್ಯಾರ್ಥಿಗಳು ನಿಮ್ಮ ಸಾಧನೆಯ ಮುಂದಿನ ದಿನಮಾನಗಳಲ್ಲಿ ಉತ್ತಮ ಅಧಿಕಾರಿಗಳಾಗಿ ಬೆಳೆದು ಸಮಾಜ ಸೇವೆ ಮಾಡಬೇಕು ಎಂದು ಹೇಳಿದರು.

ನಿಂತಿವೆ. ಬದಲಾದ ಕಾಲಕ್ಕೆ ನೀವು ಎಂದು ಮರೆತು ನಿಮ್ಮ ಶಿಕ್ಷಣವನ್ನು ಬದಲಾಯಿಸಿಕೊಳ್ಳುವುದು ಬೇಡ. ಬಾಲ್ಯದಲ್ಲೇ ಉತ್ತಮ ಸಂಸ್ಕಾರ, ಶಿಸ್ತು ಕಲಿತರೆ ಮಾತ್ರ ಉತ್ತಮ ಭವಿಷ್ಯ ನಿರ್ಮಾಣ ಸಾಧ್ಯ. ವಿದ್ಯಾರ್ಥಿಗಳು ತಮ್ಮ ಗುರಿ ಸಾಧಿಸಲು ನಿರಂತರ ಪರಿಶ್ರಮ ಪಡಬೇಕು. ಶಾಲೆಗಳಲ್ಲಿ ಉತ್ತಮ ಶಿಕ್ಷಣ ನೀಡುವ ಮೂಲಕ ಮಕ್ಕಳ ಭವಿಷ್ಯ ರೂಪಿಸುವ ಕೆಲಸ ಶಿಕ್ಷಕರು ಮಾಡಬೇಕಿದೆ. ಸ್ಪರ್ಧಾತ್ಮಕ ಪರೀಕ್ಷೆಗಳಲ್ಲಿ ಸ್ಪರ್ಧಿಸುವ ಸಾಮರ್ಥ್ಯ ಬೆಳೆಸಿಕೊಳ್ಳಬೇಕು. ಈ ಸಂದರ್ಭದಲ್ಲಿ ಶಾಲೆಯ ಮುಖ್ಯ ಶಿಕ್ಷಕರು, ಶಿಕ್ಷಕ ವೃಂದ, ಎಸ್‌ಡಿಎಂಸಿ ಅಧ್ಯಕ್ಷರು, ಗ್ರಾಮಸ್ಥರು, ಪೋಷಕರು ಸೇರಿದಂತೆ ಅನೇಕರು ಹಾಜರಿದ್ದರು. ವಿದ್ಯಾರ್ಥಿಗಳಿಗೆ ಸ್ವಾಮೀಜಿ ಆಶೀರ್ವಚನ ನೀಡಿದರು.

ಫೆ. 22 ರಿಂದ 26ವರೆಗೆ ಕಡವಿಗೆರೆ ಗ್ರಾಮದ
ಶ್ರೀ ಕರಿಯಮ್ಮ ದೇವಿ ಜಾತ್ರಾ ಮಹೋತ್ಸವ

ಶಿರಾ: ತಾಲೂಕು ಕಡವಿಗೆರೆ ಗ್ರಾಮದ ಗ್ರಾಮ ದೇವತೆ ಶ್ರೀ ಕರಿಯಮ್ಮ ದೇವಿ ಬ್ರಹ್ಮ ರಥೋತ್ಸವ ಮತ್ತು ಜಾತ್ರಾ ಮಹೋತ್ಸವವು ಫೆ. 22ರಿಂದ ಫೆ. 26ರವರೆಗೆ ನಡೆಯಲಿದೆ ಎಂದು ದೇವಾಲಯ ಸಮಿತಿ ತಿಳಿಸಿದ್ದಾರೆ. ಫೆ. 22ರಂದು ಭಾನುವಾರ ಬೆಳಿಗ್ಗೆ 6 ಗಂಟೆಯಿಂದ ಗಂಗೆ ಪೂಜೆ, ಗಣಪತಿ ಪೂಜೆ, ಪುಣ್ಯಾಹ, ಕಳಸ ಸ್ಥಾಪನೆ, ಗಣಪತಿ ಹೋಮ, ಮಹಾ ಮಂಗಳಾರತಿ ನೆರವೇರಲಿದೆ. ಫೆ. 23ರ ಸೋಮವಾರ ಮಧ್ಯಾಹ್ನ 1–15ಕ್ಕೆ ಬ್ರಹ್ಮ ರಥೋತ್ಸವ, ಫೆ. 24ರಂದು ಬೆಳಿಗ್ಗೆ 10–30ಕ್ಕೆ ಆರತಿ, ಸಂಜೆ 7 ಗಂಟೆಗೆ ಓಕಳಿ ಸೇವೆ, ರಾತ್ರಿ 8–30ರಿಂದ ಕುರುಕ್ಷೇತ್ರ ಪೌರಾಣಿಕ ನಾಟಕ ನಡೆಯಲಿದೆ. ಫೆ. 25ರ ಬುಧವಾರ ಸಾಂಯೋಕಾಲ ಆನೆ ಅಂಬಾರಿ ಮೇಲೆ ಅಮ್ಮನವರ ಮೆರವಣಿಗೆ ಸಾಗಲಿದೆ. ಫೆ. 26ಕ್ಕೆ ಗುರುವಾರ ಬೆಳಿಗ್ಗೆ ಅಮ್ಮನವರ ಉತ್ಸವ ಕಾರ್ಯಕ್ರಮದಲ್ಲಿ ತಹಶೀಲ್ದಾರ್ ಆನಂದ್ ಕುಮಾರ್, ಡಿವೈಎಸ್‌ಪಿ ಶೇಖರ್, ಸರ್ಕಲ್ ಇನ್ಸ್‌ಪೆಕ್ಟರ್, ಪಿಎಸ್‌ಐ, ಗ್ರಾಮ ಪಂಚಾಯತಿ ಅಧ್ಯಕ್ಷರು, ಸದಸ್ಯರು ಸೇರಿದಂತೆ ಗ್ರಾಮದ ಮುಖಂಡರು ಹಾಗೂ ಭಕ್ತಾದಿಗಳು ಭಾಗವಹಿಸಲಿದ್ದಾರೆ.

ಹಿಂದೂ ಧರ್ಮದ ರಕ್ಷಣೆಗೆ ಮುಂದಾಗಿ

ಮಧುಗಿರಿ: 14ನೇ ಶತಮಾನದಲ್ಲಿ ಶಿವಾಜಿ ಮಹಾರಾಜರು ಮರಾಠ ಸಾಮ್ರಾಜ್ಯ ಸ್ಥಾಪನೆ ಮಾಡುವ ಮೂಲಕ ಹಿಂದೂ ಧರ್ಮದ ರಕ್ಷಣೆಗೆ ಮುಂದಾಗಿದ್ದರು ಎಂದು ಸಂಘದ ಅಧ್ಯಕ್ಷ ಹೇಳಿದರು. ತಾಲೂಕು ಮರಾಠ ಸಮಾಜದ ವತಿಯಿಂದ ಶಿವಾಜಿ ಜಯಂತಿ ಆಚರಣೆ ಮಾಡಲಾಯಿತು. ಶಿವಾಜಿ ಮಹಾರಾಜರು ಸ್ವರಾಜ್ಯದ ಕನಸು ಕಂಡು, ಸಣ್ಣ ವಯಸ್ಸಿನಲ್ಲೇ ಹಿಂದವಿ ಸ್ವರಾಜ್ಯ ಸ್ಥಾಪಿಸಿದರು. ಅವರು ತಾಯಿ ಜೀಜಾಬಾಯಿ ನೀಡಿದ ಸಂಸ್ಕಾರದಿಂದ ಮಹಾನ್ ನಾಯಕರಾದರು. ಶಿವಾಜಿ ಜಯಂತಿ ಆಚರಣೆ ಕೇವಲ ಉತ್ಸವವಲ್ಲ, ಅವರ ಆದರ್ಶಗಳನ್ನು ಪಾಲಿಸುವ ದಿನವಾಗಿದೆ. ಯುವಜನರು ಶಿವಾಜಿ ಅವರ ಶೌರ್ಯ, ದೇಶಪ್ರೇಮ ಮತ್ತು ಧರ್ಮನಿಷ್ಠೆಯನ್ನು ಅಳವಡಿಸಿಕೊಳ್ಳಬೇಕು ಎಂದರು.

ಮುಂದಾಗಿದ್ದರು. ಶಿವಾಜಿ ಮಹಾರಾಜರು ಮರಾಠರಿಗೆ ಮಾತ್ರ ಸೀಮಿತವಲ್ಲ, ಅವರು ಎಲ್ಲ ಹಿಂದೂಗಳಿಗೆ ಸ್ಫೂರ್ತಿ. ಹಿಂದೂ ಧರ್ಮದ ರಕ್ಷಣೆಗೆ ಎಲ್ಲರೂ ಒಗ್ಗಟ್ಟಾಗಿ ಮುಂದಾಗಬೇಕು. ಈ ಸಂದರ್ಭದಲ್ಲಿ ಮರಾಠ ಸಮಾಜದ ಪದಾಧಿಕಾರಿಗಳು, ಗೌರವಾಧ್ಯಕ್ಷ ಗುಂಡಪ್ಪ, ನರೇಂದ್ರರಾವ್, ಯಲ್ಲೋಜಿರಾವ್, ರಾಜೀವ್ ರಾವ್, ಶಂಕರ್ ರಾವ್, ಮಾಧವರಾವ್, ಸತೀಶ್ ರಾವ್ ಸೇರಿದಂತೆ ಸಮಾಜದ ಮುಖಂಡರು ಹಾಗೂ ನೂರಾರು ಜನ ಭಾಗವಹಿಸಿದ್ದರು. ಶಿವಾಜಿ ಭಾವಚಿತ್ರಕ್ಕೆ ಪುಷ್ಪಾರ್ಚನೆ ನೆರವೇರಿಸಿ ಗೌರವ ಸಲ್ಲಿಸಲಾಯಿತು.
